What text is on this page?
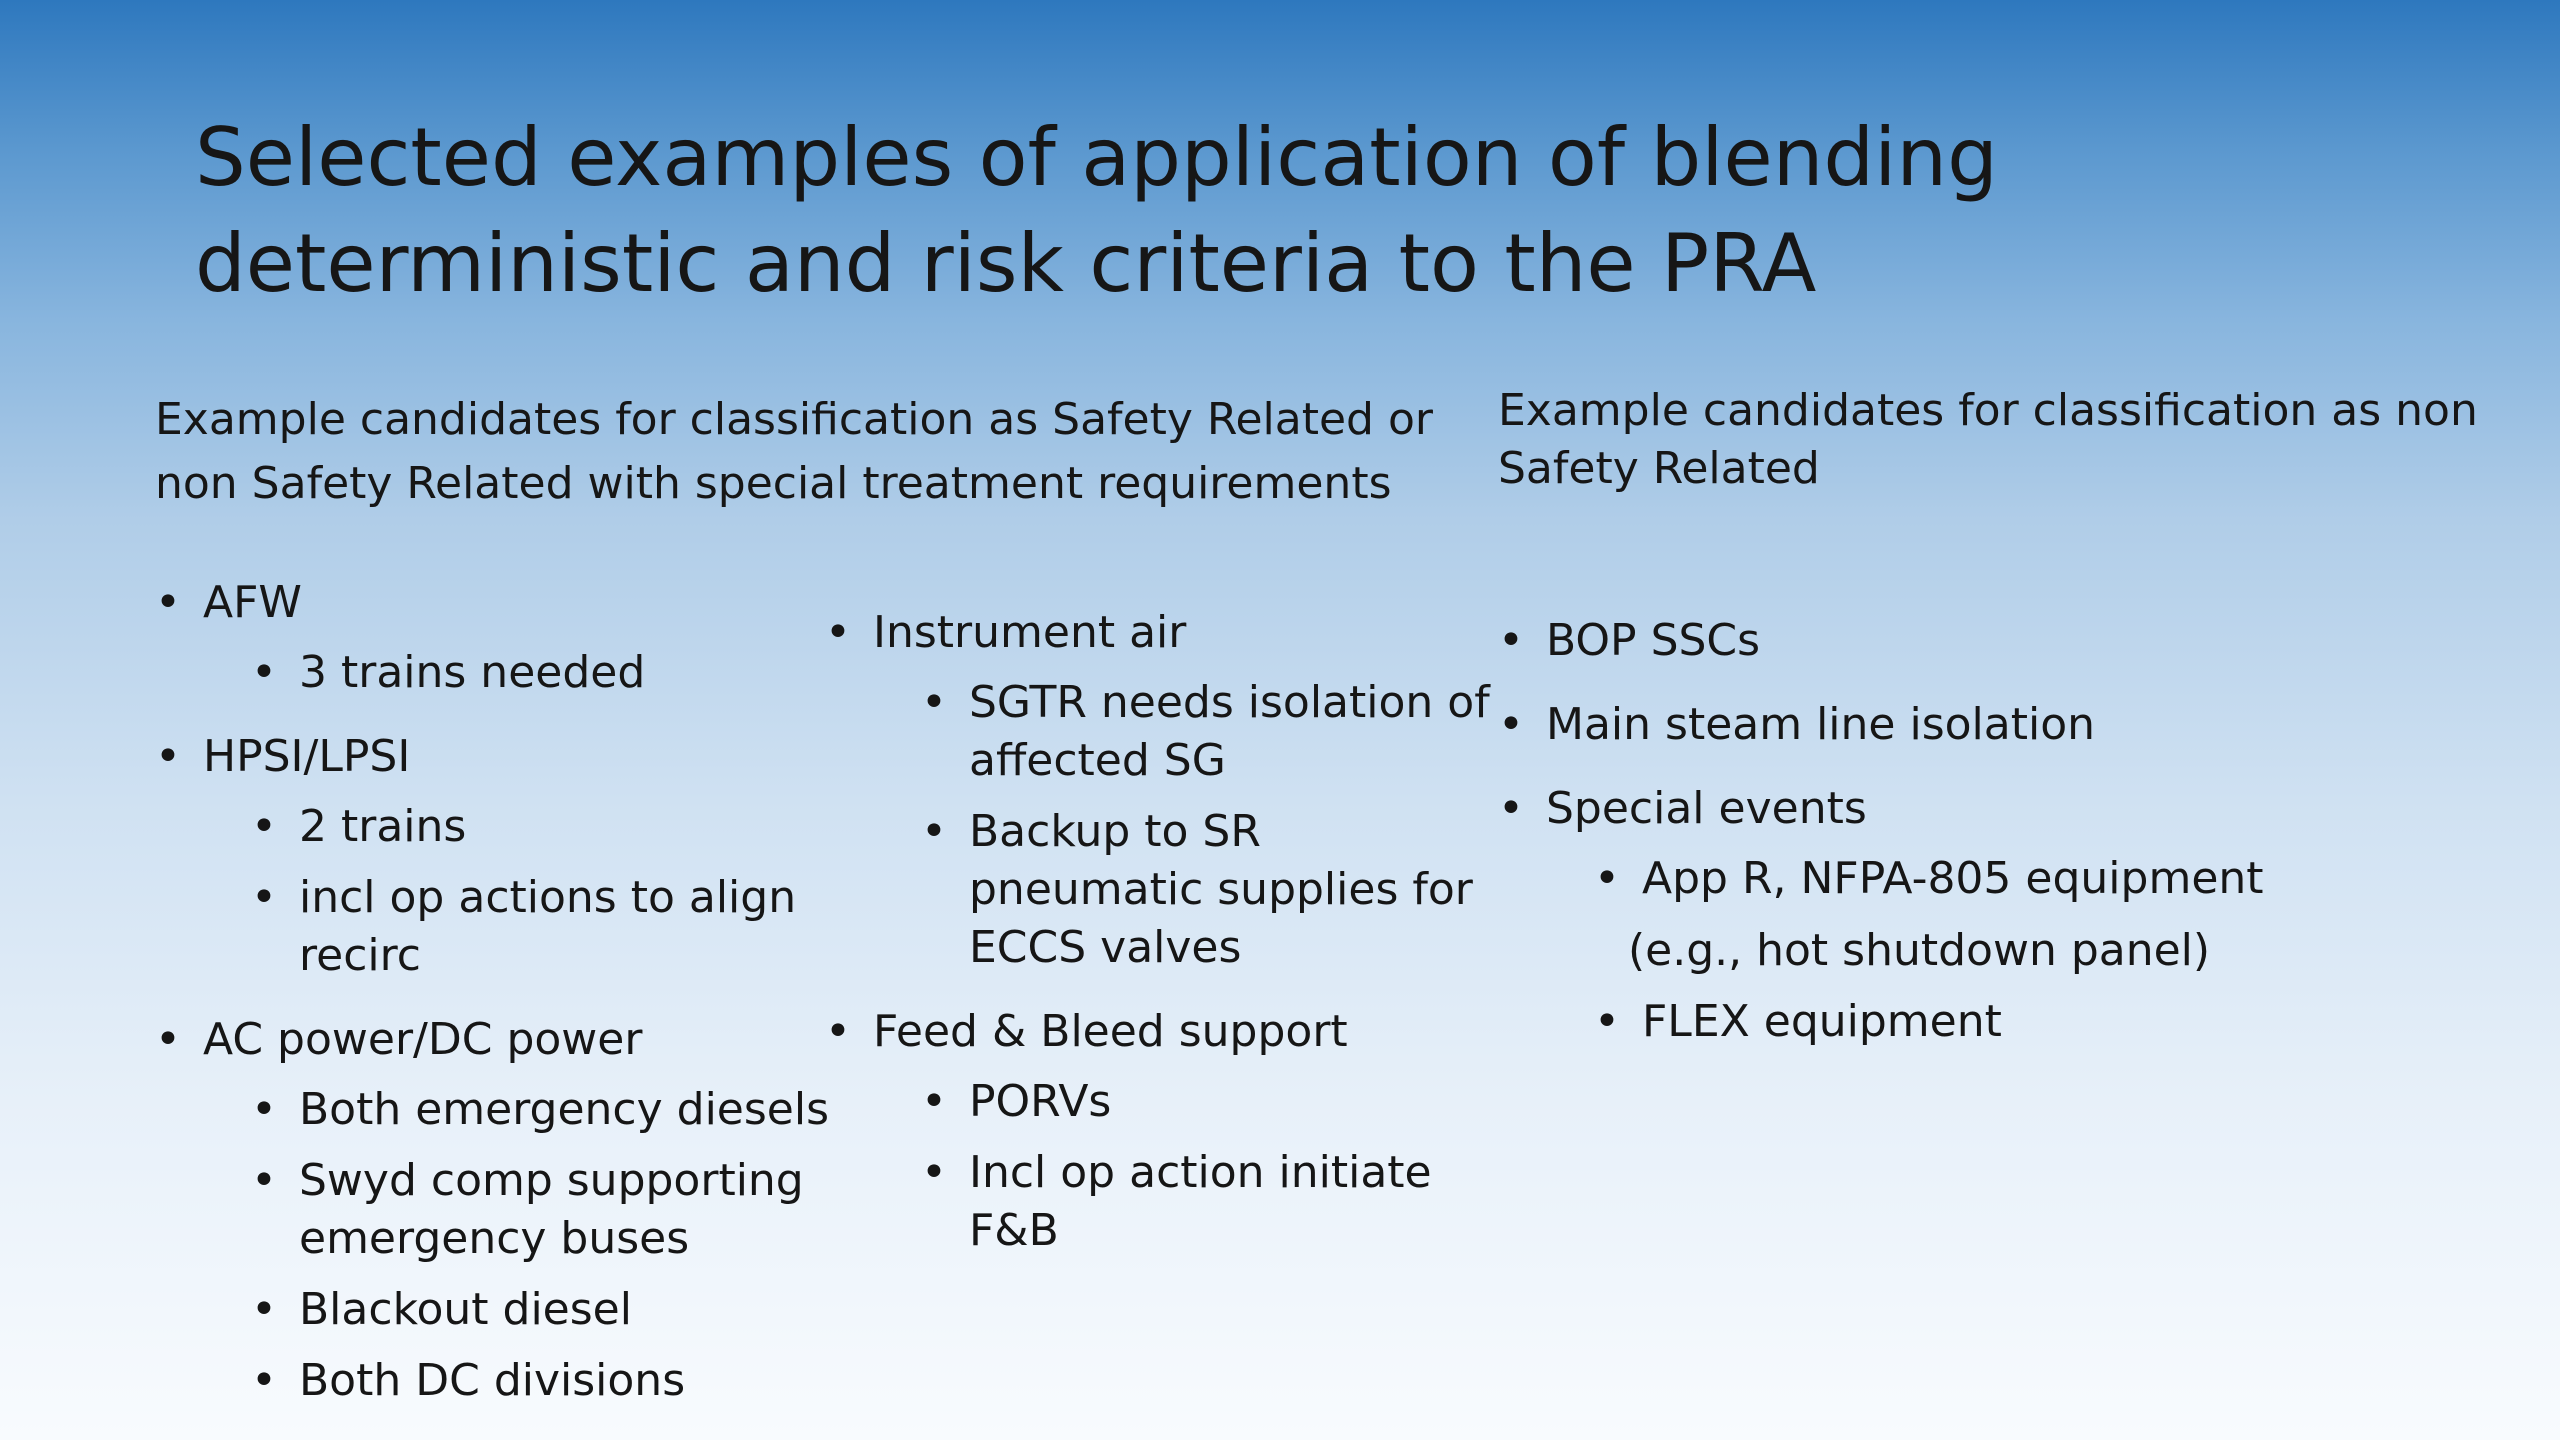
Selected examples of application of blending deterministic and risk criteria to the PRA

Example candidates for classification as Safety Related or non Safety Related with special treatment requirements

Example candidates for classification as non Safety Related

• AFW
• 3 trains needed
• HPSI/LPSI
• 2 trains
• incl op actions to align recirc
• AC power/DC power
• Both emergency diesels
• Swyd comp supporting emergency buses
• Blackout diesel
• Both DC divisions
• Instrument air
• SGTR needs isolation of affected SG
• Backup to SR pneumatic supplies for ECCS valves
• Feed & Bleed support
• PORVs
• Incl op action initiate F&B
• BOP SSCs
• Main steam line isolation
• Special events
• App R, NFPA-805 equipment
(e.g., hot shutdown panel)
• FLEX equipment
